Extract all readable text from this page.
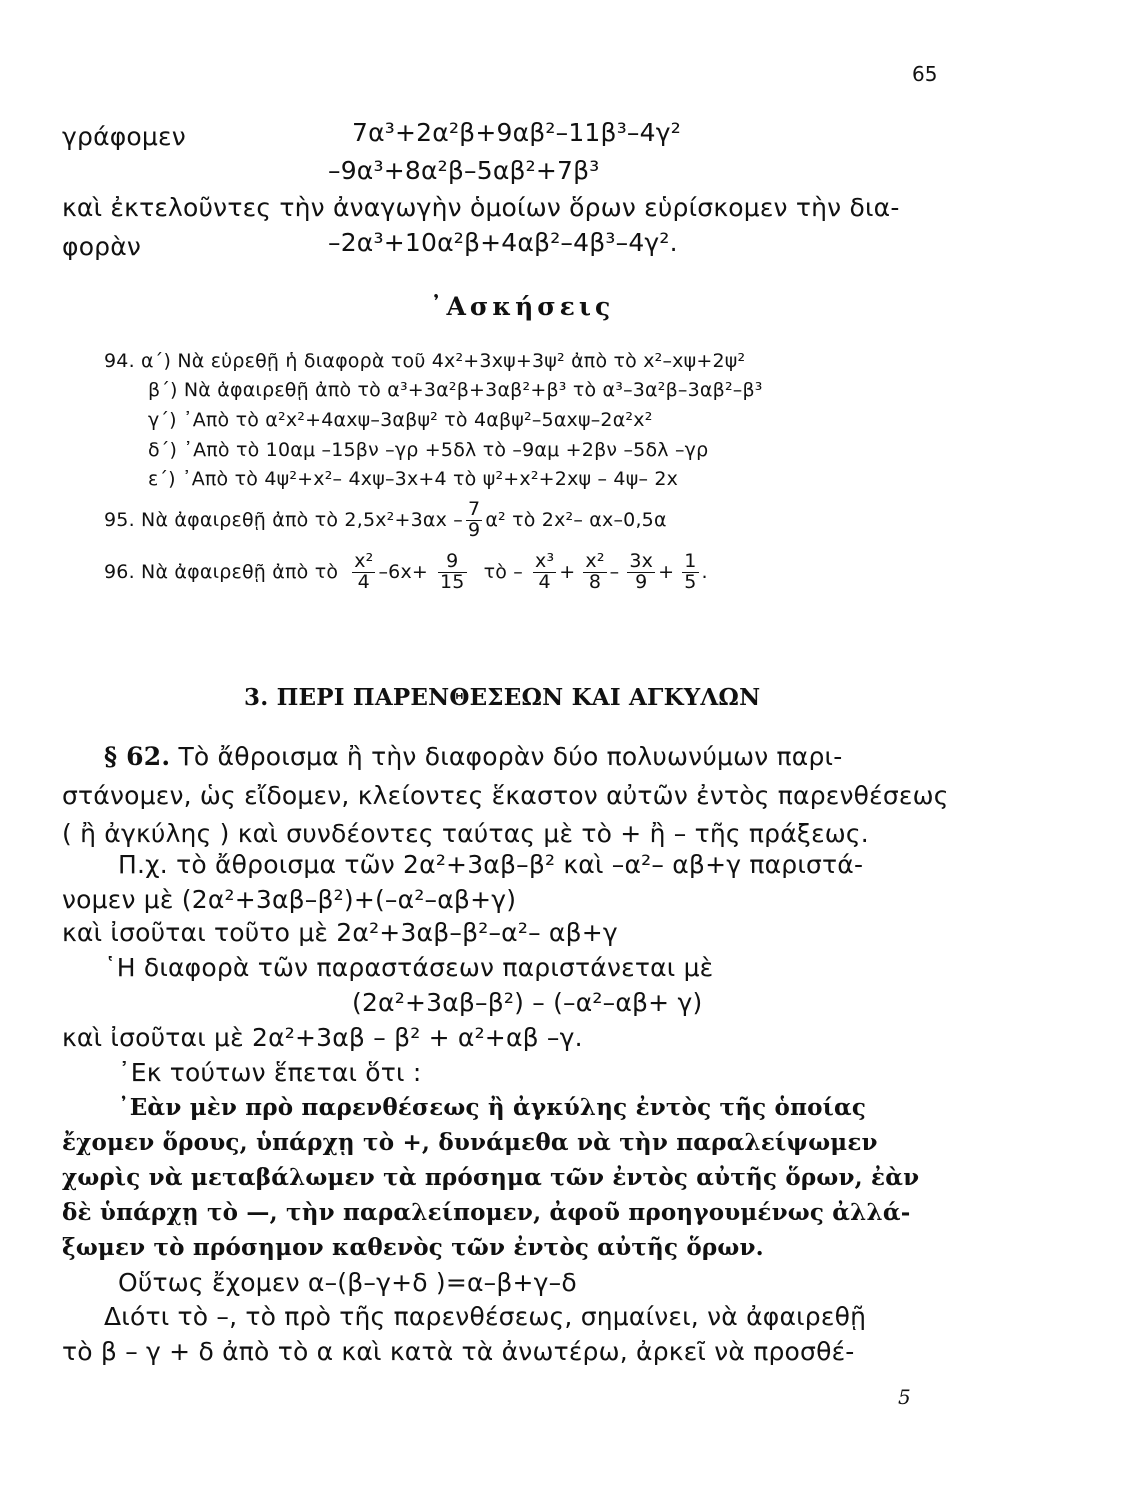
65
γράφομεν	7α³+2α²β+9αβ²–11β³–4γ²
–9α³+8α²β–5αβ²+7β³
καὶ ἐκτελοῦντες τὴν ἀναγωγὴν ὁμοίων ὅρων εὑρίσκομεν τὴν δια-
φορὰν	–2α³+10α²β+4αβ²–4β³–4γ².
᾿Ασκήσεις
94. α΄) Νὰ εὑρεθῇ ἡ διαφορὰ τοῦ 4x²+3xψ+3ψ² ἀπὸ τὸ x²–xψ+2ψ²
β΄) Νὰ ἀφαιρεθῇ ἀπὸ τὸ α³+3α²β+3αβ²+β³ τὸ α³–3α²β–3αβ²–β³
γ΄) ᾿Απὸ τὸ α²x²+4αxψ–3αβψ² τὸ 4αβψ²–5αxψ–2α²x²
δ΄) ᾿Απὸ τὸ 10αμ –15βν –γρ +5δλ τὸ –9αμ +2βν –5δλ –γρ
ε΄) ᾿Απὸ τὸ 4ψ²+x²– 4xψ–3x+4 τὸ ψ²+x²+2xψ – 4ψ– 2x
95. Νὰ ἀφαιρεθῇ ἀπὸ τὸ $2,5x^2+3\alpha x - \frac{7}{9} \alpha^2$ τὸ 2x²– αx–0,5α
96. Νὰ ἀφαιρεθῇ ἀπὸ τὸ $\frac{\text{x²}}{4} -6x+ \frac{9}{15}$ τὸ – $\frac{\text{x³}}{4} + \frac{\text{x²}}{8} - \frac{3x}{9} + \frac{1}{5}$ .
3. ΠΕΡΙ ΠΑΡΕΝΘΕΣΕΩΝ ΚΑΙ ΑΓΚΥΛΩΝ
§ 62. Τὸ ἄθροισμα ἢ τὴν διαφορὰν δύο πολυωνύμων παρι-
στάνομεν, ὡς εἴδομεν, κλείοντες ἕκαστον αὐτῶν ἐντὸς παρενθέσεως
( ἢ ἀγκύλης ) καὶ συνδέοντες ταύτας μὲ τὸ + ἢ – τῆς πράξεως.
Π.χ. τὸ ἄθροισμα τῶν 2α²+3αβ–β² καὶ –α²– αβ+γ παριστά-
νομεν μὲ (2α²+3αβ–β²)+(–α²–αβ+γ)
καὶ ἰσοῦται τοῦτο μὲ 2α²+3αβ–β²–α²– αβ+γ
῾Η διαφορὰ τῶν παραστάσεων παριστάνεται μὲ
(2α²+3αβ–β²) – (–α²–αβ+ γ)
καὶ ἰσοῦται μὲ 2α²+3αβ – β² + α²+αβ –γ.
᾿Εκ τούτων ἕπεται ὅτι :
᾿Εὰν μὲν πρὸ παρενθέσεως ἢ ἀγκύλης ἐντὸς τῆς ὁποίας
ἔχομεν ὅρους, ὑπάρχῃ τὸ +, δυνάμεθα νὰ τὴν παραλείψωμεν
χωρὶς νὰ μεταβάλωμεν τὰ πρόσημα τῶν ἐντὸς αὐτῆς ὅρων, ἐὰν
δὲ ὑπάρχῃ τὸ —, τὴν παραλείπομεν, ἀφοῦ προηγουμένως ἀλλά-
ξωμεν τὸ πρόσημον καθενὸς τῶν ἐντὸς αὐτῆς ὅρων.
Οὕτως ἔχομεν α–(β–γ+δ )=α–β+γ–δ
Διότι τὸ –, τὸ πρὸ τῆς παρενθέσεως, σημαίνει, νὰ ἀφαιρεθῇ
τὸ β – γ + δ ἀπὸ τὸ α καὶ κατὰ τὰ ἀνωτέρω, ἀρκεῖ νὰ προσθέ-
5
